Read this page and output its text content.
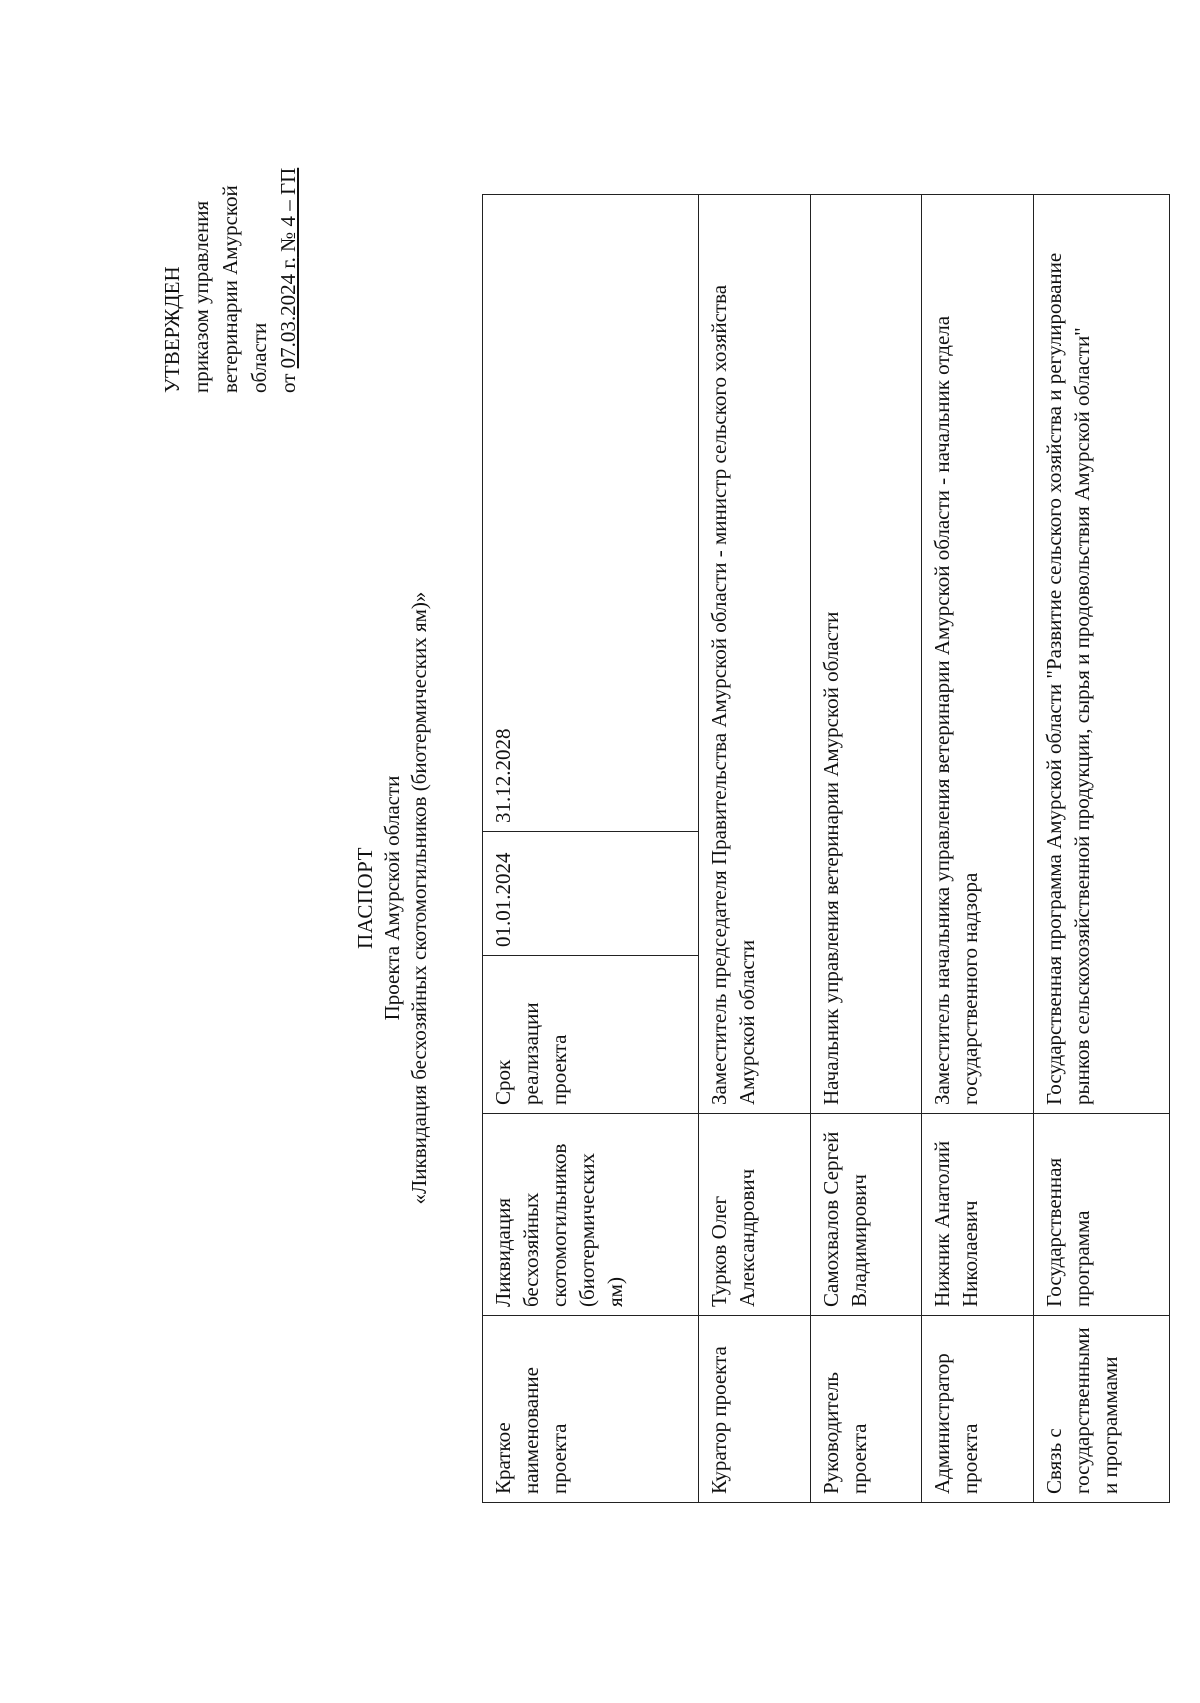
УТВЕРЖДЕН приказом управления ветеринарии Амурской области от 07.03.2024 г. № 4 – ГП
ПАСПОРТ Проекта Амурской области «Ликвидация бесхозяйных скотомогильников (биотермических ям)»
Краткое наименование проекта	Ликвидация бесхозяйных скотомогильников (биотермических ям)	Срок реализации проекта	01.01.2024	31.12.2028
Куратор проекта	Турков Олег Александрович	Заместитель председателя Правительства Амурской области - министр сельского хозяйства Амурской области		
Руководитель проекта	Самохвалов Сергей Владимирович	Начальник управления ветеринарии Амурской области		
Администратор проекта	Нижник Анатолий Николаевич	Заместитель начальника управления ветеринарии Амурской области - начальник отдела государственного надзора		
Связь с государственными и программами	Государственная программа	Государственная программа Амурской области "Развитие сельского хозяйства и регулирование рынков сельскохозяйственной продукции, сырья и продовольствия Амурской области"		
